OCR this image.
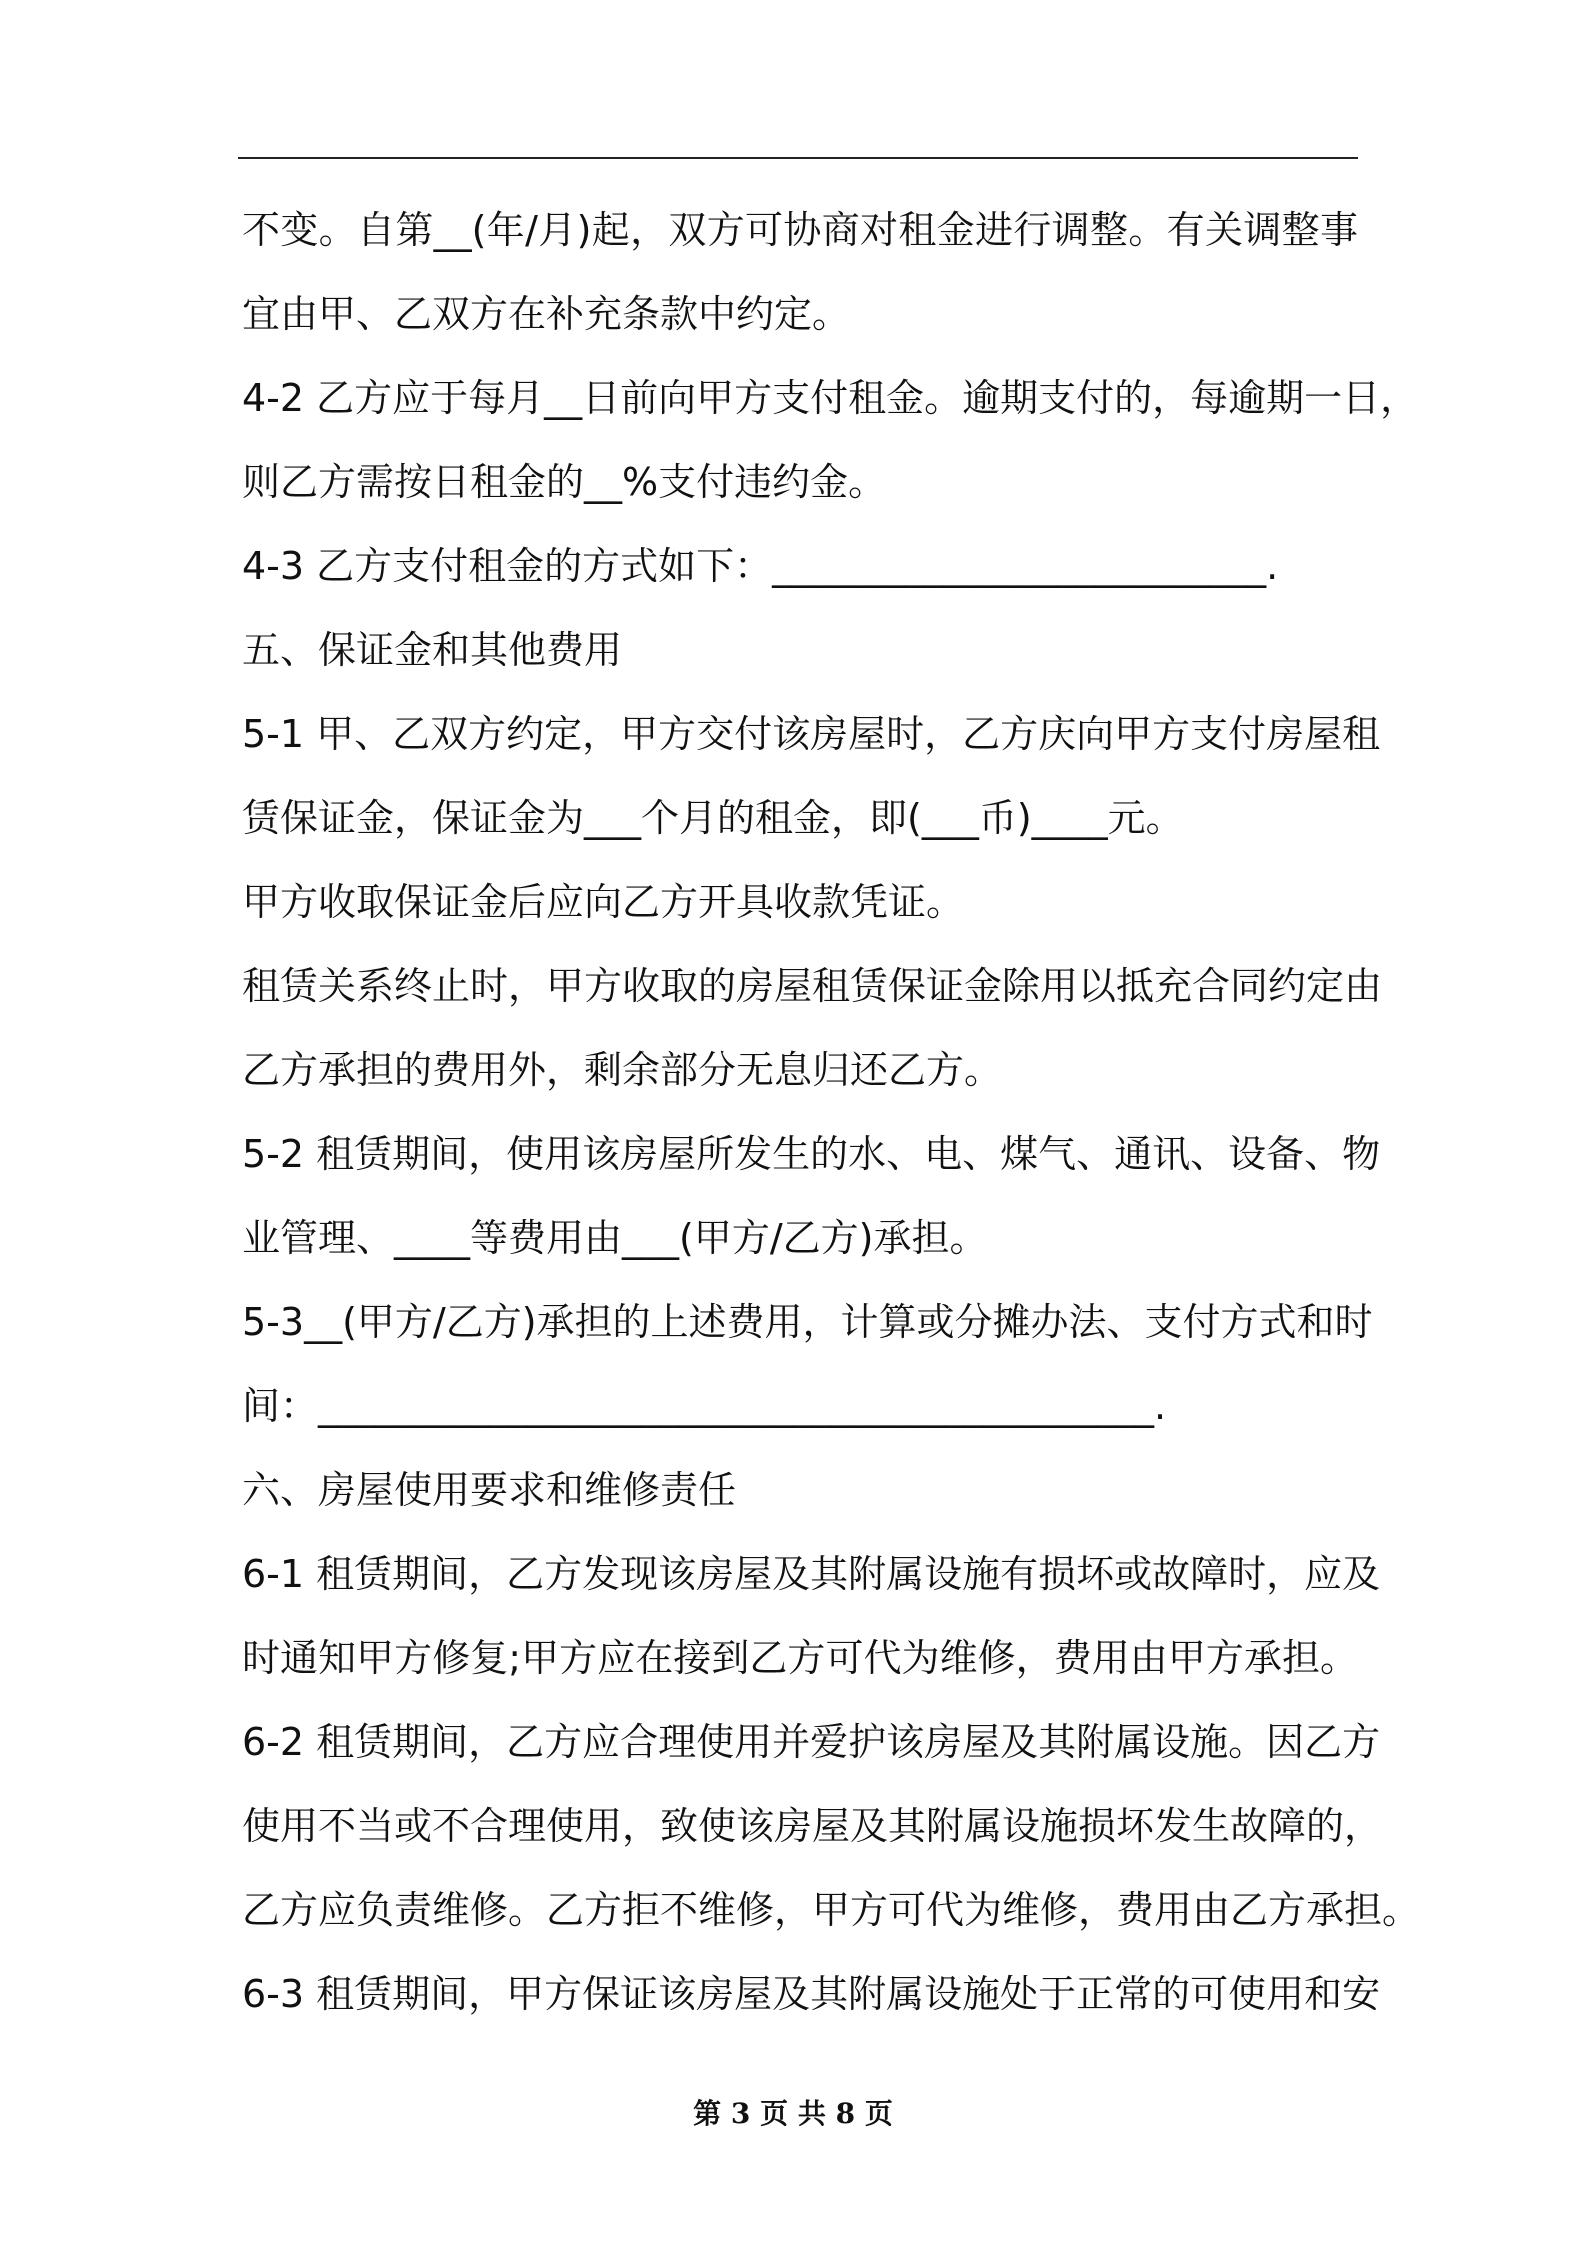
不变。自第__(年/月)起，双方可协商对租金进行调整。有关调整事
宜由甲、乙双方在补充条款中约定。
4-2 乙方应于每月__日前向甲方支付租金。逾期支付的，每逾期一日，
则乙方需按日租金的__%支付违约金。
4-3 乙方支付租金的方式如下：__________________________.
五、保证金和其他费用
5-1 甲、乙双方约定，甲方交付该房屋时，乙方庆向甲方支付房屋租
赁保证金，保证金为___个月的租金，即(___币)____元。
甲方收取保证金后应向乙方开具收款凭证。
租赁关系终止时，甲方收取的房屋租赁保证金除用以抵充合同约定由
乙方承担的费用外，剩余部分无息归还乙方。
5-2 租赁期间，使用该房屋所发生的水、电、煤气、通讯、设备、物
业管理、____等费用由___(甲方/乙方)承担。
5-3__(甲方/乙方)承担的上述费用，计算或分摊办法、支付方式和时
间：____________________________________________.
六、房屋使用要求和维修责任
6-1 租赁期间，乙方发现该房屋及其附属设施有损坏或故障时，应及
时通知甲方修复;甲方应在接到乙方可代为维修，费用由甲方承担。
6-2 租赁期间，乙方应合理使用并爱护该房屋及其附属设施。因乙方
使用不当或不合理使用，致使该房屋及其附属设施损坏发生故障的，
乙方应负责维修。乙方拒不维修，甲方可代为维修，费用由乙方承担。
6-3 租赁期间，甲方保证该房屋及其附属设施处于正常的可使用和安
第 3 页 共 8 页
